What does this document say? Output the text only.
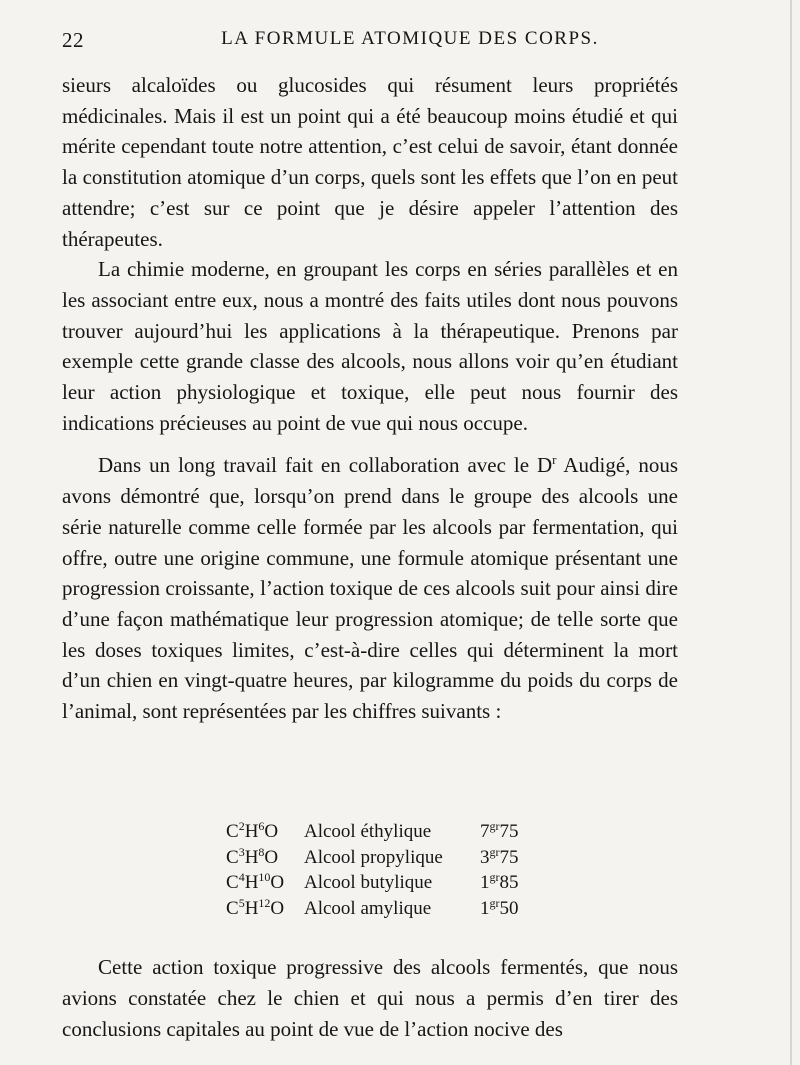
22	LA FORMULE ATOMIQUE DES CORPS.

sieurs alcaloïdes ou glucosides qui résument leurs propriétés médicinales. Mais il est un point qui a été beaucoup moins étudié et qui mérite cependant toute notre attention, c’est celui de savoir, étant donnée la constitution atomique d’un corps, quels sont les effets que l’on en peut attendre; c’est sur ce point que je désire appeler l’attention des thérapeutes.

La chimie moderne, en groupant les corps en séries parallèles et en les associant entre eux, nous a montré des faits utiles dont nous pouvons trouver aujourd’hui les applications à la thérapeutique. Prenons par exemple cette grande classe des alcools, nous allons voir qu’en étudiant leur action physiologique et toxique, elle peut nous fournir des indications précieuses au point de vue qui nous occupe.

Dans un long travail fait en collaboration avec le $D^r$ Audigé, nous avons démontré que, lorsqu’on prend dans le groupe des alcools une série naturelle comme celle formée par les alcools par fermentation, qui offre, outre une origine commune, une formule atomique présentant une progression croissante, l’action toxique de ces alcools suit pour ainsi dire d’une façon mathématique leur progression atomique; de telle sorte que les doses toxiques limites, c’est-à-dire celles qui déterminent la mort d’un chien en vingt-quatre heures, par kilogramme du poids du corps de l’animal, sont représentées par les chiffres suivants :

$C^2H^6O$	Alcool éthylique	$7^{gr}75$
$C^3H^8O$	Alcool propylique	$3^{gr}75$
$C^4H^{10}O$	Alcool butylique	$1^{gr}85$
$C^5H^{12}O$	Alcool amylique	$1^{gr}50$

Cette action toxique progressive des alcools fermentés, que nous avions constatée chez le chien et qui nous a permis d’en tirer des conclusions capitales au point de vue de l’action nocive des
